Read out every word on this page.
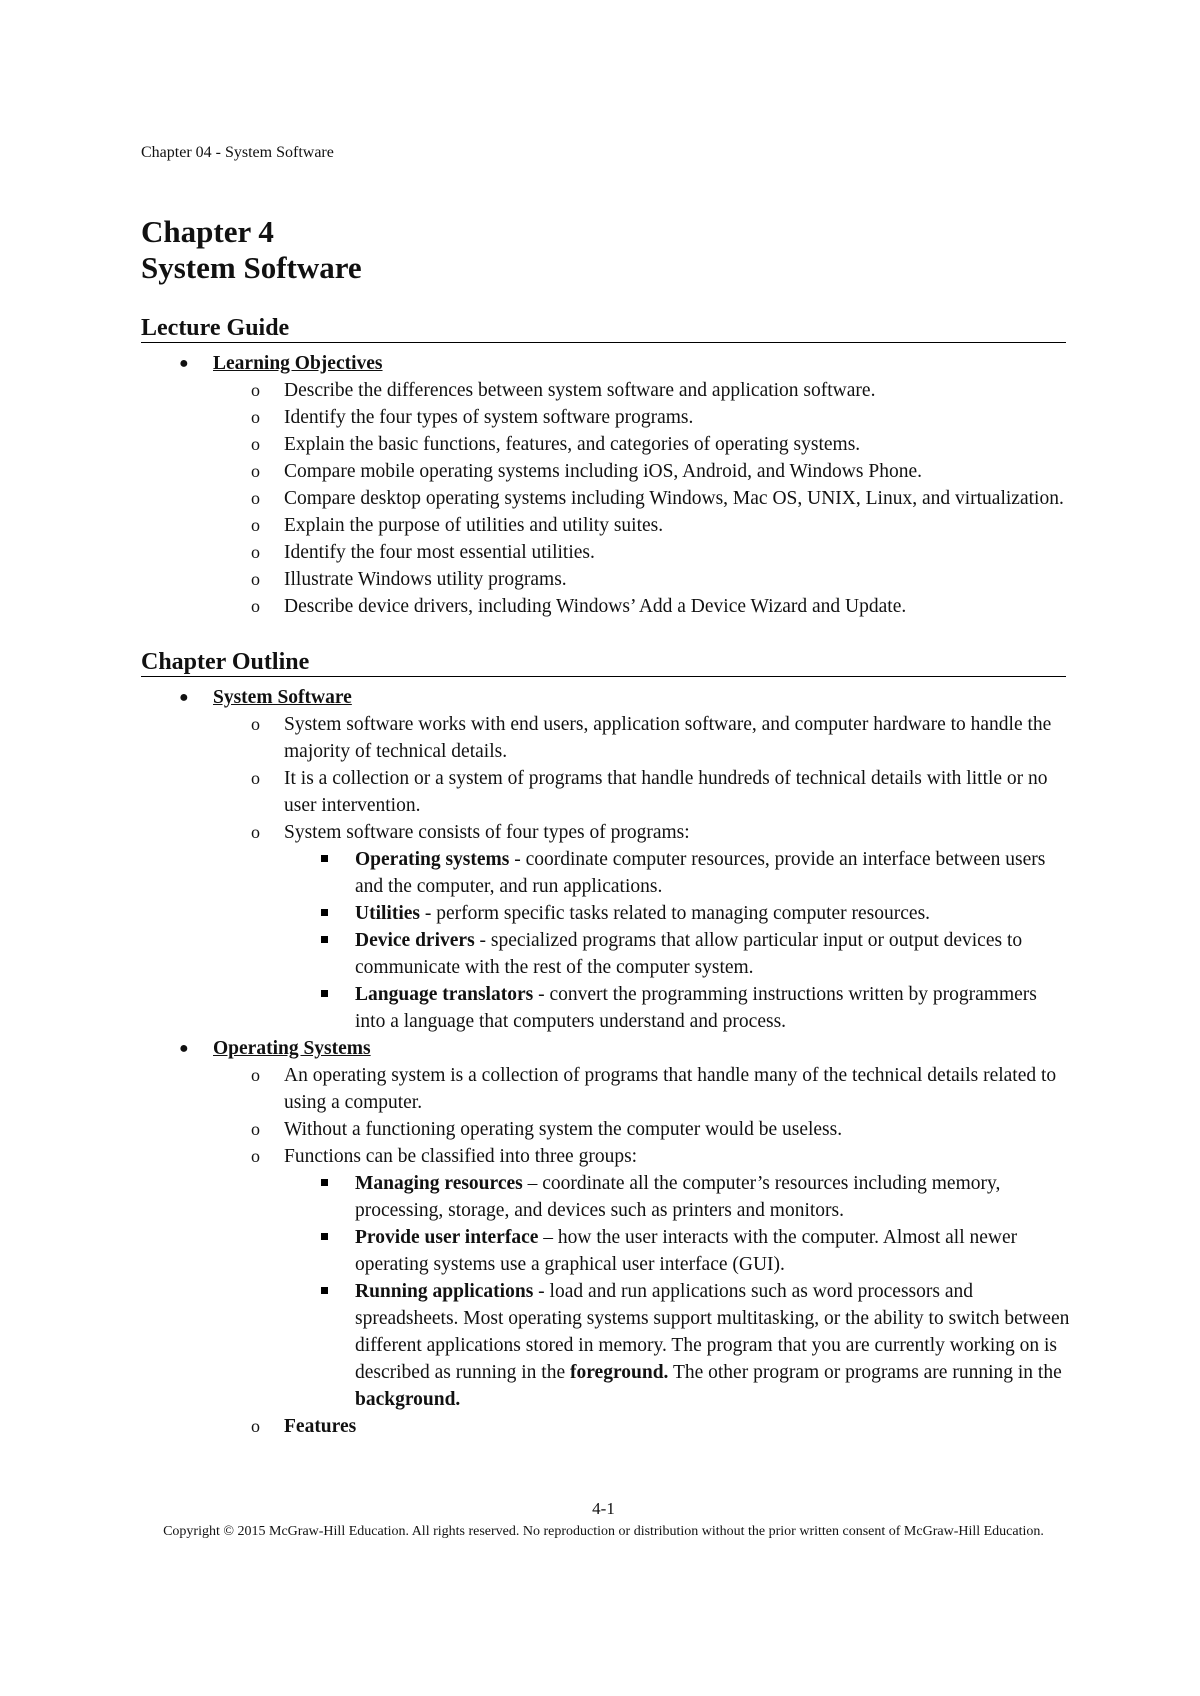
Chapter 04 - System Software
Chapter 4
System Software
Lecture Guide
● Learning Objectives
o Describe the differences between system software and application software.
o Identify the four types of system software programs.
o Explain the basic functions, features, and categories of operating systems.
o Compare mobile operating systems including iOS, Android, and Windows Phone.
o Compare desktop operating systems including Windows, Mac OS, UNIX, Linux, and virtualization.
o Explain the purpose of utilities and utility suites.
o Identify the four most essential utilities.
o Illustrate Windows utility programs.
o Describe device drivers, including Windows’ Add a Device Wizard and Update.
Chapter Outline
● System Software
o System software works with end users, application software, and computer hardware to handle the majority of technical details.
o It is a collection or a system of programs that handle hundreds of technical details with little or no user intervention.
o System software consists of four types of programs:
Operating systems - coordinate computer resources, provide an interface between users and the computer, and run applications.
Utilities - perform specific tasks related to managing computer resources.
Device drivers - specialized programs that allow particular input or output devices to communicate with the rest of the computer system.
Language translators - convert the programming instructions written by programmers into a language that computers understand and process.
● Operating Systems
o An operating system is a collection of programs that handle many of the technical details related to using a computer.
o Without a functioning operating system the computer would be useless.
o Functions can be classified into three groups:
Managing resources – coordinate all the computer’s resources including memory, processing, storage, and devices such as printers and monitors.
Provide user interface – how the user interacts with the computer. Almost all newer operating systems use a graphical user interface (GUI).
Running applications - load and run applications such as word processors and spreadsheets. Most operating systems support multitasking, or the ability to switch between different applications stored in memory. The program that you are currently working on is described as running in the foreground. The other program or programs are running in the background.
o Features
4-1
Copyright © 2015 McGraw-Hill Education. All rights reserved. No reproduction or distribution without the prior written consent of McGraw-Hill Education.
